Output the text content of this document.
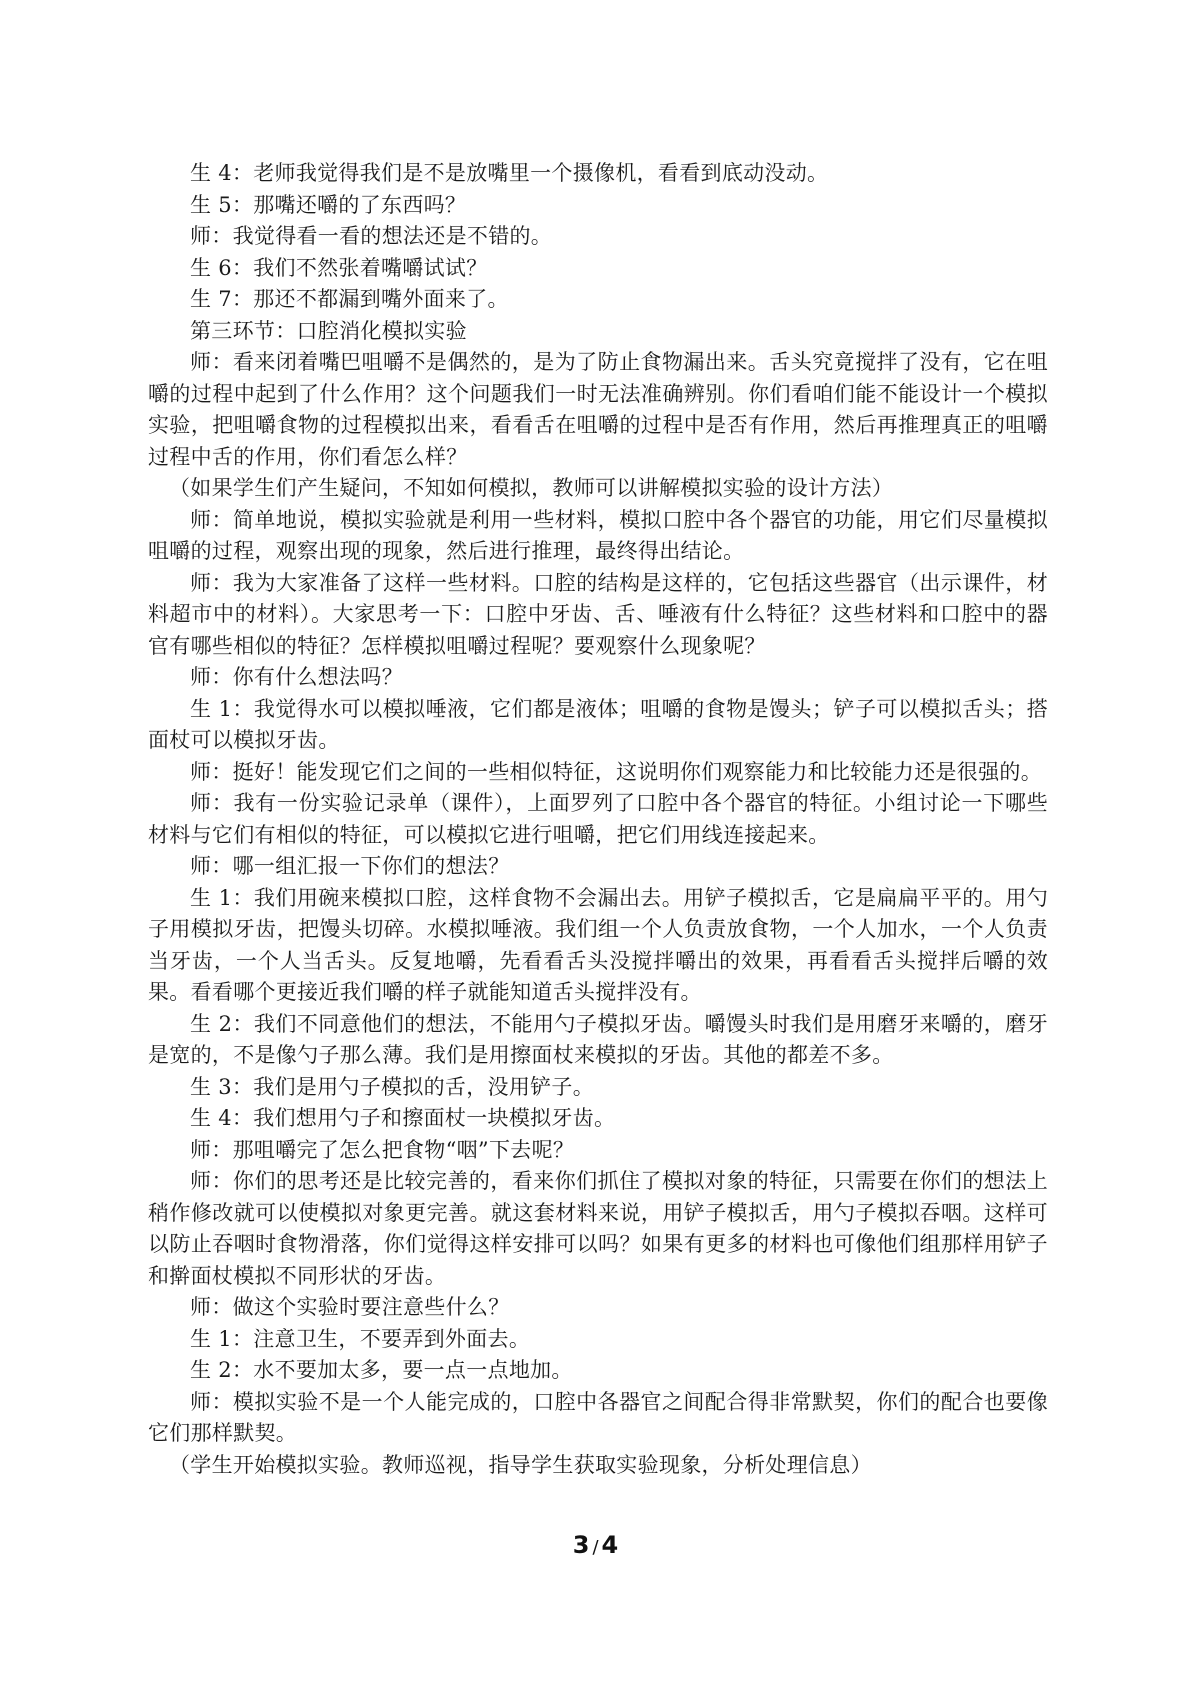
生 4：老师我觉得我们是不是放嘴里一个摄像机，看看到底动没动。

生 5：那嘴还嚼的了东西吗？

师：我觉得看一看的想法还是不错的。

生 6：我们不然张着嘴嚼试试？

生 7：那还不都漏到嘴外面来了。

第三环节：口腔消化模拟实验

师：看来闭着嘴巴咀嚼不是偶然的，是为了防止食物漏出来。舌头究竟搅拌了没有，它在咀嚼的过程中起到了什么作用？这个问题我们一时无法准确辨别。你们看咱们能不能设计一个模拟实验，把咀嚼食物的过程模拟出来，看看舌在咀嚼的过程中是否有作用，然后再推理真正的咀嚼过程中舌的作用，你们看怎么样？

（如果学生们产生疑问，不知如何模拟，教师可以讲解模拟实验的设计方法）

师：简单地说，模拟实验就是利用一些材料，模拟口腔中各个器官的功能，用它们尽量模拟咀嚼的过程，观察出现的现象，然后进行推理，最终得出结论。

师：我为大家准备了这样一些材料。口腔的结构是这样的，它包括这些器官（出示课件，材料超市中的材料）。大家思考一下：口腔中牙齿、舌、唾液有什么特征？这些材料和口腔中的器官有哪些相似的特征？怎样模拟咀嚼过程呢？要观察什么现象呢？

师：你有什么想法吗？

生 1：我觉得水可以模拟唾液，它们都是液体；咀嚼的食物是馒头；铲子可以模拟舌头；搭面杖可以模拟牙齿。

师：挺好！能发现它们之间的一些相似特征，这说明你们观察能力和比较能力还是很强的。

师：我有一份实验记录单（课件），上面罗列了口腔中各个器官的特征。小组讨论一下哪些材料与它们有相似的特征，可以模拟它进行咀嚼，把它们用线连接起来。

师：哪一组汇报一下你们的想法？

生 1：我们用碗来模拟口腔，这样食物不会漏出去。用铲子模拟舌，它是扁扁平平的。用勺子用模拟牙齿，把馒头切碎。水模拟唾液。我们组一个人负责放食物，一个人加水，一个人负责当牙齿，一个人当舌头。反复地嚼，先看看舌头没搅拌嚼出的效果，再看看舌头搅拌后嚼的效果。看看哪个更接近我们嚼的样子就能知道舌头搅拌没有。

生 2：我们不同意他们的想法，不能用勺子模拟牙齿。嚼馒头时我们是用磨牙来嚼的，磨牙是宽的，不是像勺子那么薄。我们是用擦面杖来模拟的牙齿。其他的都差不多。

生 3：我们是用勺子模拟的舌，没用铲子。

生 4：我们想用勺子和擦面杖一块模拟牙齿。

师：那咀嚼完了怎么把食物“咽”下去呢？

师：你们的思考还是比较完善的，看来你们抓住了模拟对象的特征，只需要在你们的想法上稍作修改就可以使模拟对象更完善。就这套材料来说，用铲子模拟舌，用勺子模拟吞咽。这样可以防止吞咽时食物滑落，你们觉得这样安排可以吗？如果有更多的材料也可像他们组那样用铲子和擀面杖模拟不同形状的牙齿。

师：做这个实验时要注意些什么？

生 1：注意卫生，不要弄到外面去。

生 2：水不要加太多，要一点一点地加。

师：模拟实验不是一个人能完成的，口腔中各器官之间配合得非常默契，你们的配合也要像它们那样默契。

（学生开始模拟实验。教师巡视，指导学生获取实验现象，分析处理信息）

3 / 4
